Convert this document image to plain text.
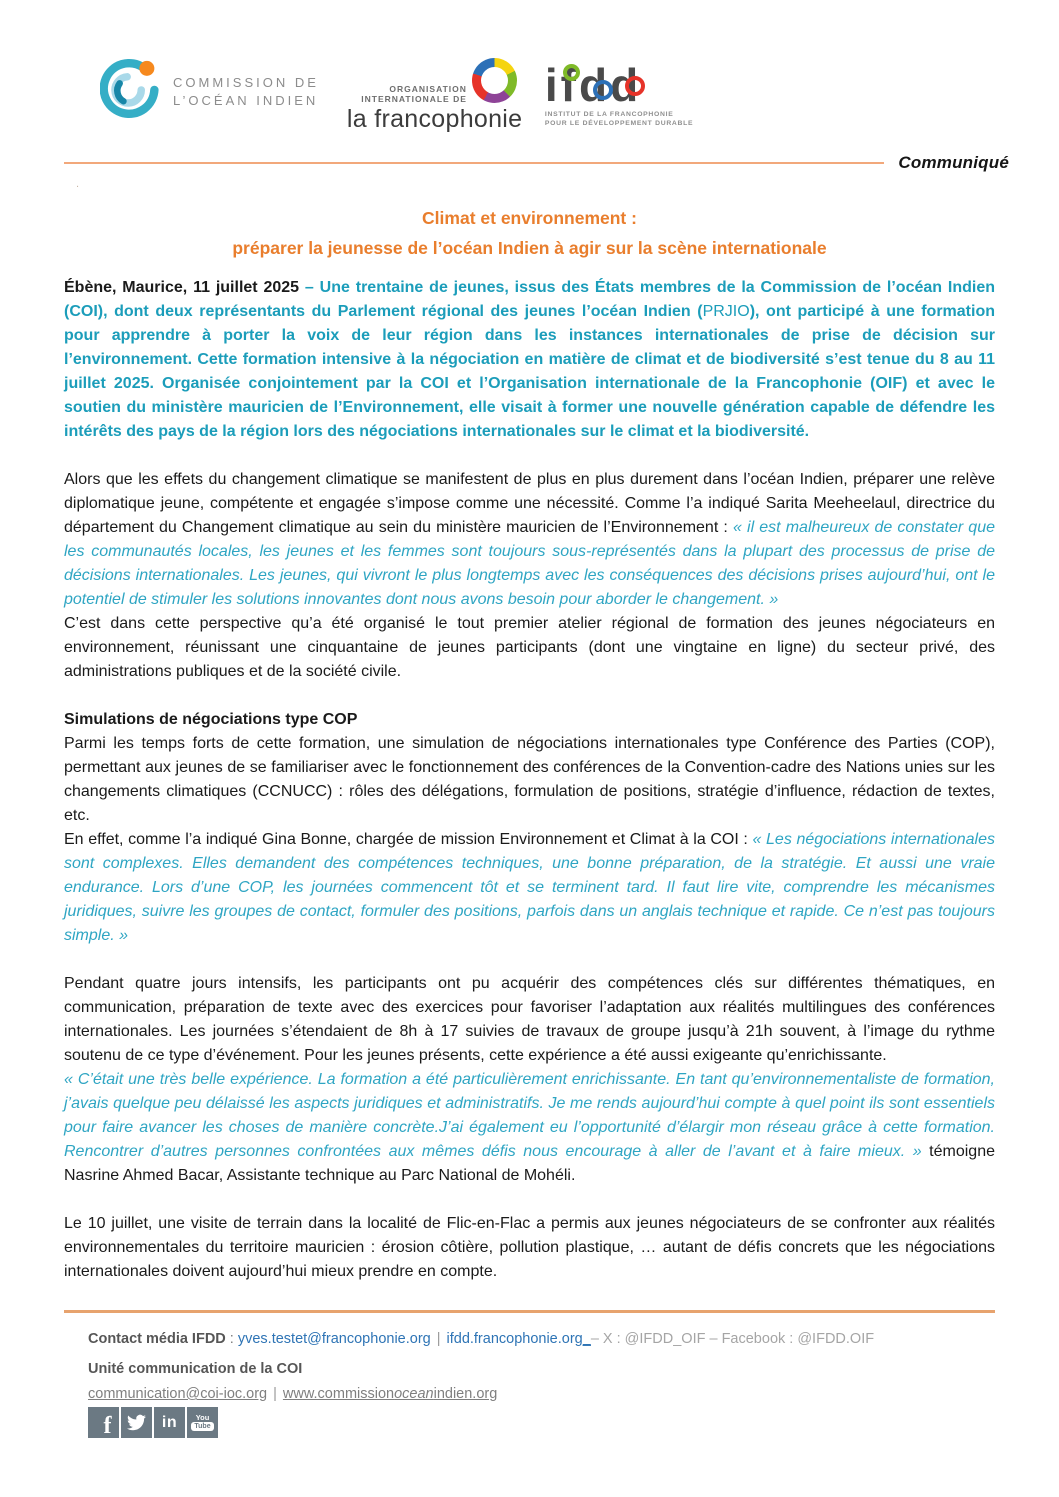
COMMISSION DE
L’OCÉAN INDIEN
ORGANISATION
INTERNATIONALE DE
la francophonie
ifdd
INSTITUT DE LA FRANCOPHONIE
POUR LE DÉVELOPPEMENT DURABLE
Communiqué
.
Climat et environnement :
préparer la jeunesse de l’océan Indien à agir sur la scène internationale

Ébène, Maurice, 11 juillet 2025 – Une trentaine de jeunes, issus des États membres de la Commission de l’océan Indien (COI), dont deux représentants du Parlement régional des jeunes l’océan Indien (PRJIO), ont participé à une formation pour apprendre à porter la voix de leur région dans les instances internationales de prise de décision sur l’environnement. Cette formation intensive à la négociation en matière de climat et de biodiversité s’est tenue du 8 au 11 juillet 2025. Organisée conjointement par la COI et l’Organisation internationale de la Francophonie (OIF) et avec le soutien du ministère mauricien de l’Environnement, elle visait à former une nouvelle génération capable de défendre les intérêts des pays de la région lors des négociations internationales sur le climat et la biodiversité.

Alors que les effets du changement climatique se manifestent de plus en plus durement dans l’océan Indien, préparer une relève diplomatique jeune, compétente et engagée s’impose comme une nécessité. Comme l’a indiqué Sarita Meeheelaul, directrice du département du Changement climatique au sein du ministère mauricien de l’Environnement : « il est malheureux de constater que les communautés locales, les jeunes et les femmes sont toujours sous-représentés dans la plupart des processus de prise de décisions internationales. Les jeunes, qui vivront le plus longtemps avec les conséquences des décisions prises aujourd’hui, ont le potentiel de stimuler les solutions innovantes dont nous avons besoin pour aborder le changement. »

C’est dans cette perspective qu’a été organisé le tout premier atelier régional de formation des jeunes négociateurs en environnement, réunissant une cinquantaine de jeunes participants (dont une vingtaine en ligne) du secteur privé, des administrations publiques et de la société civile.

Simulations de négociations type COP

Parmi les temps forts de cette formation, une simulation de négociations internationales type Conférence des Parties (COP), permettant aux jeunes de se familiariser avec le fonctionnement des conférences de la Convention-cadre des Nations unies sur les changements climatiques (CCNUCC) : rôles des délégations, formulation de positions, stratégie d’influence, rédaction de textes, etc.

En effet, comme l’a indiqué Gina Bonne, chargée de mission Environnement et Climat à la COI : « Les négociations internationales sont complexes. Elles demandent des compétences techniques, une bonne préparation, de la stratégie. Et aussi une vraie endurance. Lors d’une COP, les journées commencent tôt et se terminent tard. Il faut lire vite, comprendre les mécanismes juridiques, suivre les groupes de contact, formuler des positions, parfois dans un anglais technique et rapide. Ce n’est pas toujours simple. »

Pendant quatre jours intensifs, les participants ont pu acquérir des compétences clés sur différentes thématiques, en communication, préparation de texte avec des exercices pour favoriser l’adaptation aux réalités multilingues des conférences internationales. Les journées s’étendaient de 8h à 17 suivies de travaux de groupe jusqu’à 21h souvent, à l’image du rythme soutenu de ce type d’événement. Pour les jeunes présents, cette expérience a été aussi exigeante qu’enrichissante.

« C’était une très belle expérience. La formation a été particulièrement enrichissante. En tant qu’environnementaliste de formation, j’avais quelque peu délaissé les aspects juridiques et administratifs. Je me rends aujourd’hui compte à quel point ils sont essentiels pour faire avancer les choses de manière concrète.J’ai également eu l’opportunité d’élargir mon réseau grâce à cette formation. Rencontrer d’autres personnes confrontées aux mêmes défis nous encourage à aller de l’avant et à faire mieux. » témoigne Nasrine Ahmed Bacar, Assistante technique au Parc National de Mohéli.

Le 10 juillet, une visite de terrain dans la localité de Flic-en-Flac a permis aux jeunes négociateurs de se confronter aux réalités environnementales du territoire mauricien : érosion côtière, pollution plastique, … autant de défis concrets que les négociations internationales doivent aujourd’hui mieux prendre en compte.

Contact média IFDD : yves.testet@francophonie.org | ifdd.francophonie.org_– X : @IFDD_OIF – Facebook : @IFDD.OIF
Unité communication de la COI
communication@coi-ioc.org | www.commissionoceanindien.org
f	in You
Tube
